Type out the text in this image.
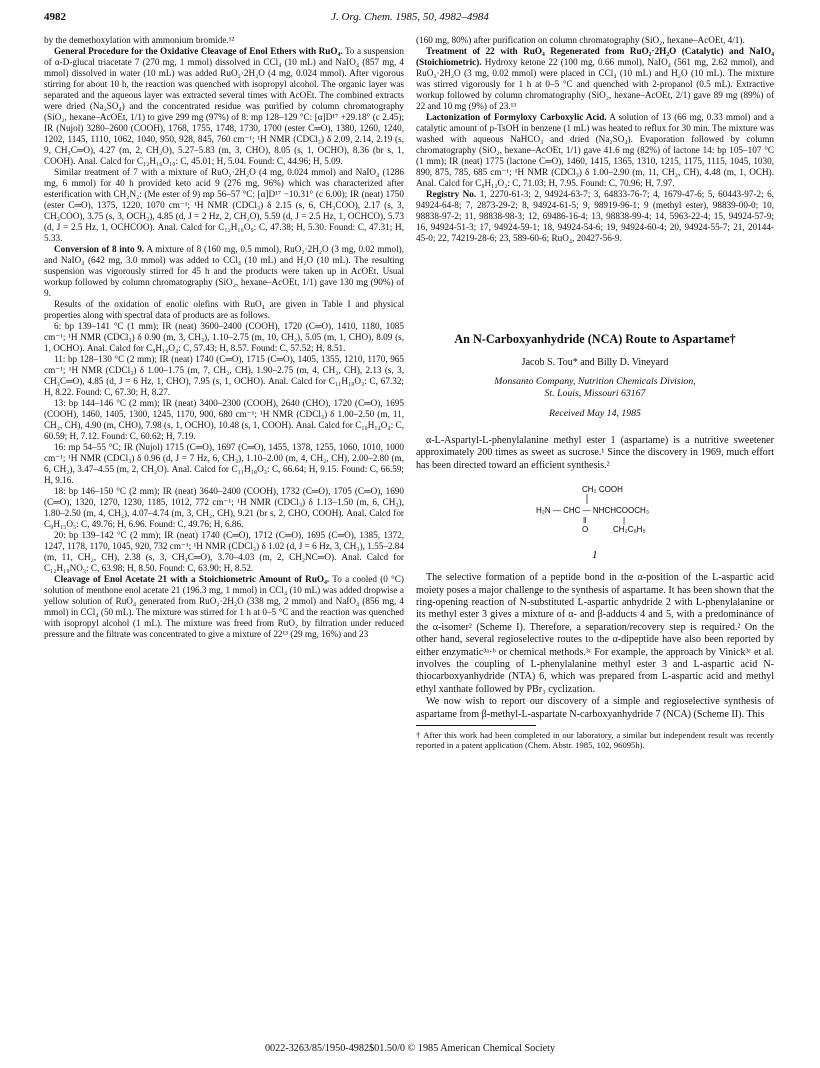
4982	J. Org. Chem. 1985, 50, 4982–4984

by the demethoxylation with ammonium bromide.¹²

General Procedure for the Oxidative Cleavage of Enol Ethers with RuO₄. To a suspension of α-D-glucal triacetate 7 (270 mg, 1 mmol) dissolved in CCl₄ (10 mL) and NaIO₄ (857 mg, 4 mmol) dissolved in water (10 mL) was added RuO₂·2H₂O (4 mg, 0.024 mmol). After vigorous stirring for about 10 h, the reaction was quenched with isopropyl alcohol. The organic layer was separated and the aqueous layer was extracted several times with AcOEt. The combined extracts were dried (Na₂SO₄) and the concentrated residue was purified by column chromatography (SiO₂, hexane–AcOEt, 1/1) to give 299 mg (97%) of 8: mp 128–129 °C: [α]D¹⁷ +29.18° (c 2.45); IR (Nujol) 3280–2600 (COOH), 1768, 1755, 1748, 1730, 1700 (ester C═O), 1380, 1260, 1240, 1202, 1145, 1110, 1062, 1040, 950, 928, 845, 760 cm⁻¹; ¹H NMR (CDCl₃) δ 2.09, 2.14, 2.19 (s, 9, CH₃C═O), 4.27 (m, 2, CH₂O), 5.27–5.83 (m, 3, CHO), 8.05 (s, 1, OCHO), 8.36 (br s, 1, COOH). Anal. Calcd for C₁₂H₁₆O₁₀: C, 45.01; H, 5.04. Found: C, 44.96; H, 5.09.

Similar treatment of 7 with a mixture of RuO₂·2H₂O (4 mg, 0.024 mmol) and NaIO₄ (1286 mg, 6 mmol) for 40 h provided keto acid 9 (276 mg, 96%) which was characterized after esterification with CH₂N₂: (Me ester of 9) mp 56–57 °C: [α]D¹⁷ −10.31° (c 6.00); IR (neat) 1750 (ester C═O), 1375, 1220, 1070 cm⁻¹; ¹H NMR (CDCl₃) δ 2.15 (s, 6, CH₃COO), 2.17 (s, 3, CH₃COO), 3.75 (s, 3, OCH₃), 4.85 (d, J = 2 Hz, 2, CH₂O), 5.59 (d, J = 2.5 Hz, 1, OCHCO), 5.73 (d, J = 2.5 Hz, 1, OCHCOO). Anal. Calcd for C₁₂H₁₆O₉: C, 47.38; H, 5.30. Found: C, 47.31; H, 5.33.

Conversion of 8 into 9. A mixture of 8 (160 mg, 0.5 mmol), RuO₂·2H₂O (3 mg, 0.02 mmol), and NaIO₄ (642 mg, 3.0 mmol) was added to CCl₄ (10 mL) and H₂O (10 mL). The resulting suspension was vigorously stirred for 45 h and the products were taken up in AcOEt. Usual workup followed by column chromatography (SiO₂, hexane–AcOEt, 1/1) gave 130 mg (90%) of 9.

Results of the oxidation of enolic olefins with RuO₄ are given in Table I and physical properties along with spectral data of products are as follows.

6: bp 139–141 °C (1 mm); IR (neat) 3600–2400 (COOH), 1720 (C═O), 1410, 1180, 1085 cm⁻¹; ¹H NMR (CDCl₃) δ 0.90 (m, 3, CH₃), 1.10–2.75 (m, 10, CH₂), 5.05 (m, 1, CHO), 8.09 (s, 1, OCHO). Anal. Calcd for C₉H₁₆O₄: C, 57.43; H, 8.57. Found: C, 57.52; H, 8.51.

11: bp 128–130 °C (2 mm); IR (neat) 1740 (C═O), 1715 (C═O), 1405, 1355, 1210, 1170, 965 cm⁻¹; ¹H NMR (CDCl₃) δ 1.00–1.75 (m, 7, CH₂, CH), 1.90–2.75 (m, 4, CH₂, CH), 2.13 (s, 3, CH₃C═O), 4.85 (d, J = 6 Hz, 1, CHO), 7.95 (s, 1, OCHO). Anal. Calcd for C₁₁H₁₈O₃: C, 67.32; H, 8.22. Found: C, 67.30; H, 8.27.

13: bp 144–146 °C (2 mm); IR (neat) 3400–2300 (COOH), 2640 (CHO), 1720 (C═O), 1695 (COOH), 1460, 1405, 1300, 1245, 1170, 900, 680 cm⁻¹; ¹H NMR (CDCl₃) δ 1.00–2.50 (m, 11, CH₂, CH), 4.90 (m, CHO), 7.98 (s, 1, OCHO), 10.48 (s, 1, COOH). Anal. Calcd for C₁₀H₁₄O₄: C, 60.59; H, 7.12. Found: C, 60.62; H, 7.19.

16: mp 54–55 °C; IR (Nujol) 1715 (C═O), 1697 (C═O), 1455, 1378, 1255, 1060, 1010, 1000 cm⁻¹; ¹H NMR (CDCl₃) δ 0.96 (d, J = 7 Hz, 6, CH₃), 1.10–2.00 (m, 4, CH₂, CH), 2.00–2.80 (m, 6, CH₂), 3.47–4.55 (m, 2, CH₂O). Anal. Calcd for C₁₁H₁₈O₃: C, 66.64; H, 9.15. Found: C, 66.59; H, 9.16.

18: bp 146–150 °C (2 mm); IR (neat) 3640–2400 (COOH), 1732 (C═O), 1705 (C═O), 1690 (C═O), 1320, 1270, 1230, 1185, 1012, 772 cm⁻¹; ¹H NMR (CDCl₃) δ 1.13–1.50 (m, 6, CH₃), 1.80–2.50 (m, 4, CH₂), 4.07–4.74 (m, 3, CH₂, CH), 9.21 (br s, 2, CHO, COOH). Anal. Calcd for C₉H₁₅O₅: C, 49.76; H, 6.96. Found: C, 49.76; H, 6.86.

20: bp 139–142 °C (2 mm); IR (neat) 1740 (C═O), 1712 (C═O), 1695 (C═O), 1385, 1372, 1247, 1178, 1170, 1045, 920, 732 cm⁻¹; ¹H NMR (CDCl₃) δ 1.02 (d, J = 6 Hz, 3, CH₃), 1.55–2.84 (m, 11, CH₂, CH), 2.38 (s, 3, CH₃C═O), 3.70–4.03 (m, 2, CH₂NC═O). Anal. Calcd for C₁₂H₁₉NO₃: C, 63.98; H, 8.50. Found: C, 63.90; H, 8.52.

Cleavage of Enol Acetate 21 with a Stoichiometric Amount of RuO₄. To a cooled (0 °C) solution of menthone enol acetate 21 (196.3 mg, 1 mmol) in CCl₄ (10 mL) was added dropwise a yellow solution of RuO₄ generated from RuO₂·2H₂O (338 mg, 2 mmol) and NaIO₄ (856 mg, 4 mmol) in CCl₄ (50 mL). The mixture was stirred for 1 h at 0–5 °C and the reaction was quenched with isopropyl alcohol (1 mL). The mixture was freed from RuO₂ by filtration under reduced pressure and the filtrate was concentrated to give a mixture of 22¹³ (29 mg, 16%) and 23

(160 mg, 80%) after purification on column chromatography (SiO₂, hexane–AcOEt, 4/1).

Treatment of 22 with RuO₄ Regenerated from RuO₂·2H₂O (Catalytic) and NaIO₄ (Stoichiometric). Hydroxy ketone 22 (100 mg, 0.66 mmol), NaIO₄ (561 mg, 2.62 mmol), and RuO₂·2H₂O (3 mg, 0.02 mmol) were placed in CCl₄ (10 mL) and H₂O (10 mL). The mixture was stirred vigorously for 1 h at 0–5 °C and quenched with 2-propanol (0.5 mL). Extractive workup followed by column chromatography (SiO₂, hexane–AcOEt, 2/1) gave 89 mg (89%) of 22 and 10 mg (9%) of 23.¹³

Lactonization of Formyloxy Carboxylic Acid. A solution of 13 (66 mg, 0.33 mmol) and a catalytic amount of p-TsOH in benzene (1 mL) was heated to reflux for 30 min. The mixture was washed with aqueous NaHCO₃ and dried (Na₂SO₄). Evaporation followed by column chromatography (SiO₂, hexane–AcOEt, 1/1) gave 41.6 mg (82%) of lactone 14: bp 105–107 °C (1 mm); IR (neat) 1775 (lactone C═O), 1460, 1415, 1365, 1310, 1215, 1175, 1115, 1045, 1030, 890, 875, 785, 685 cm⁻¹; ¹H NMR (CDCl₃) δ 1.00–2.90 (m, 11, CH₂, CH), 4.48 (m, 1, OCH). Anal. Calcd for C₉H₁₂O₂: C, 71.03; H, 7.95. Found: C, 70.96; H, 7.97.

Registry No. 1, 2270-61-3; 2, 94924-63-7; 3, 64833-76-7; 4, 1679-47-6; 5, 60443-97-2; 6, 94924-64-8; 7, 2873-29-2; 8, 94924-61-5; 9, 98919-96-1; 9 (methyl ester), 98839-00-0; 10, 98838-97-2; 11, 98838-98-3; 12, 69486-16-4; 13, 98838-99-4; 14, 5963-22-4; 15, 94924-57-9; 16, 94924-51-3; 17, 94924-59-1; 18, 94924-54-6; 19, 94924-60-4; 20, 94924-55-7; 21, 20144-45-0; 22, 74219-28-6; 23, 589-60-6; RuO₄, 20427-56-9.

An N-Carboxyanhydride (NCA) Route to Aspartame†
Jacob S. Tou* and Billy D. Vineyard
Monsanto Company, Nutrition Chemicals Division,
St. Louis, Missouri 63167
Received May 14, 1985

α-L-Aspartyl-L-phenylalanine methyl ester 1 (aspartame) is a nutritive sweetener approximately 200 times as sweet as sucrose.¹ Since the discovery in 1969, much effort has been directed toward an efficient synthesis.²

CH₂ COOH
H₂N — CHC — NHCHCOOCH₃
‖	|
O	CH₂C₆H₅
1

The selective formation of a peptide bond in the α-position of the L-aspartic acid moiety poses a major challenge to the synthesis of aspartame. It has been shown that the ring-opening reaction of N-substituted L-aspartic anhydride 2 with L-phenylalanine or its methyl ester 3 gives a mixture of α- and β-adducts 4 and 5, with a predominance of the α-isomer² (Scheme I). Therefore, a separation/recovery step is required.² On the other hand, several regioselective routes to the α-dipeptide have also been reported by either enzymatic³ᵃ·ᵇ or chemical methods.³ᶜ For example, the approach by Vinick³ᶜ et al. involves the coupling of L-phenylalanine methyl ester 3 and L-aspartic acid N-thiocarboxyanhydride (NTA) 6, which was prepared from L-aspartic acid and methyl ethyl xanthate followed by PBr₃ cyclization.

We now wish to report our discovery of a simple and regioselective synthesis of aspartame from β-methyl-L-aspartate N-carboxyanhydride 7 (NCA) (Scheme II). This

† After this work had been completed in our laboratory, a similar but independent result was recently reported in a patent application (Chem. Abstr. 1985, 102, 96095h).
0022-3263/85/1950-4982$01.50/0 © 1985 American Chemical Society
